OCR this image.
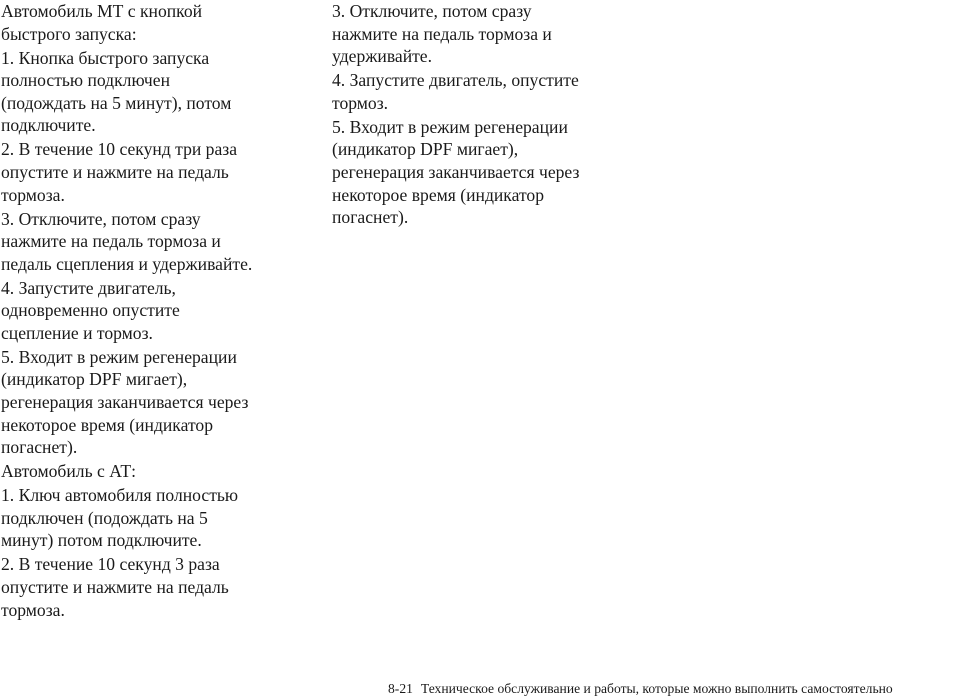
Автомобиль МТ с кнопкой
быстрого запуска:

1. Кнопка быстрого запуска
полностью подключен
(подождать на 5 минут), потом
подключите.

2. В течение 10 секунд три раза
опустите и нажмите на педаль
тормоза.

3. Отключите, потом сразу
нажмите на педаль тормоза и
педаль сцепления и удерживайте.

4. Запустите двигатель,
одновременно опустите
сцепление и тормоз.

5. Входит в режим регенерации
(индикатор DPF мигает),
регенерация заканчивается через
некоторое время (индикатор
погаснет).

Автомобиль с АТ:

1. Ключ автомобиля полностью
подключен (подождать на 5
минут) потом подключите.

2. В течение 10 секунд 3 раза
опустите и нажмите на педаль
тормоза.

3. Отключите, потом сразу
нажмите на педаль тормоза и
удерживайте.

4. Запустите двигатель, опустите
тормоз.

5. Входит в режим регенерации
(индикатор DPF мигает),
регенерация заканчивается через
некоторое время (индикатор
погаснет).

8-21 Техническое обслуживание и работы, которые можно выполнить самостоятельно
